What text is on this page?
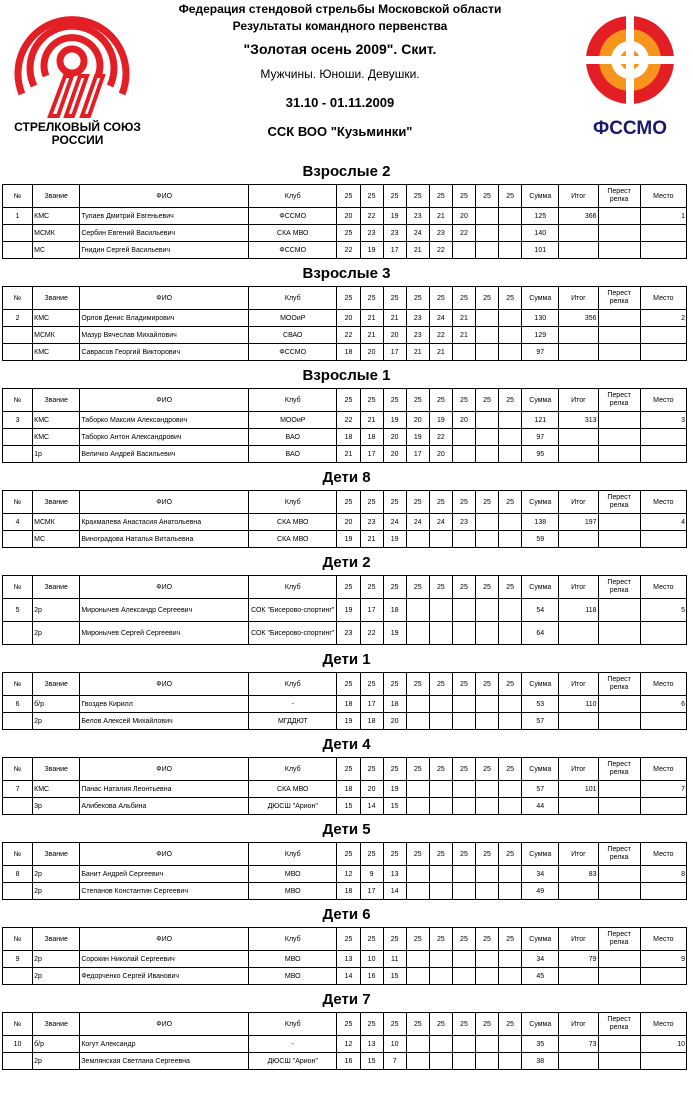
СТРЕЛКОВЫЙ СОЮЗ РОССИИ
Федерация стендовой стрельбы Московской области
Результаты командного первенства
"Золотая осень 2009". Скит.
Мужчины. Юноши. Девушки.
31.10 - 01.11.2009
ССК ВОО "Кузьминки"	ФССМО
Взрослые 2
№	Звание	ФИО	Клуб	25	25	25	25	25	25	25	25	Сумма	Итог	Перест релка	Место
1	КМС	Тулаев Дмитрий Евгеньевич	ФССМО	20	22	19	23	21	20			125	366		1
	МСМК	Сербин Евгений Васильевич	СКА МВО	25	23	23	24	23	22			140			
	МС	Гнидин Сергей Васильевич	ФССМО	22	19	17	21	22				101			
Взрослые 3
№	Звание	ФИО	Клуб	25	25	25	25	25	25	25	25	Сумма	Итог	Перест релка	Место
2	КМС	Орлов Денис Владимирович	МООиР	20	21	21	23	24	21			130	356		2
	МСМК	Мазур Вячеслав Михайлович	СВАО	22	21	20	23	22	21			129			
	КМС	Саврасов Георгий Викторович	ФССМО	18	20	17	21	21				97			
Взрослые 1
№	Звание	ФИО	Клуб	25	25	25	25	25	25	25	25	Сумма	Итог	Перест релка	Место
3	КМС	Таборко Максим Александрович	МООиР	22	21	19	20	19	20			121	313		3
	КМС	Таборко Антон Александрович	ВАО	18	18	20	19	22				97			
	1р	Величко Андрей Васильевич	ВАО	21	17	20	17	20				95			
Дети 8
№	Звание	ФИО	Клуб	25	25	25	25	25	25	25	25	Сумма	Итог	Перест релка	Место
4	МСМК	Крахмалева Анастасия Анатольевна	СКА МВО	20	23	24	24	24	23			138	197		4
	МС	Виноградова Наталья Витальевна	СКА МВО	19	21	19						59			
Дети 2
№	Звание	ФИО	Клуб	25	25	25	25	25	25	25	25	Сумма	Итог	Перест релка	Место
5	2р	Миронычев Александр Сергеевич	СОК "Бисерово-спортинг"	19	17	18						54	118		5
	2р	Миронычев Сергей Сергеевич	СОК "Бисерово-спортинг"	23	22	19						64			
Дети 1
№	Звание	ФИО	Клуб	25	25	25	25	25	25	25	25	Сумма	Итог	Перест релка	Место
6	б/р	Гвоздев Кирилл	-	18	17	18						53	110		6
	2р	Белов Алексей Михайлович	МГДДЮТ	19	18	20						57			
Дети 4
№	Звание	ФИО	Клуб	25	25	25	25	25	25	25	25	Сумма	Итог	Перест релка	Место
7	КМС	Панас Наталия Леонтьевна	СКА МВО	18	20	19						57	101		7
	3р	Алибекова Альбина	ДЮСШ "Арион"	15	14	15						44			
Дети 5
№	Звание	ФИО	Клуб	25	25	25	25	25	25	25	25	Сумма	Итог	Перест релка	Место
8	2р	Банит Андрей Сергеевич	МВО	12	9	13						34	83		8
	2р	Степанов Константин Сергеевич	МВО	18	17	14						49			
Дети 6
№	Звание	ФИО	Клуб	25	25	25	25	25	25	25	25	Сумма	Итог	Перест релка	Место
9	2р	Сорокин Николай Сергеевич	МВО	13	10	11						34	79		9
	2р	Федорченко Сергей Иванович	МВО	14	16	15						45			
Дети 7
№	Звание	ФИО	Клуб	25	25	25	25	25	25	25	25	Сумма	Итог	Перест релка	Место
10	б/р	Когут Александр	-	12	13	10						35	73		10
	2р	Землянская Светлана Сергеевна	ДЮСШ "Арион"	16	15	7						38			
